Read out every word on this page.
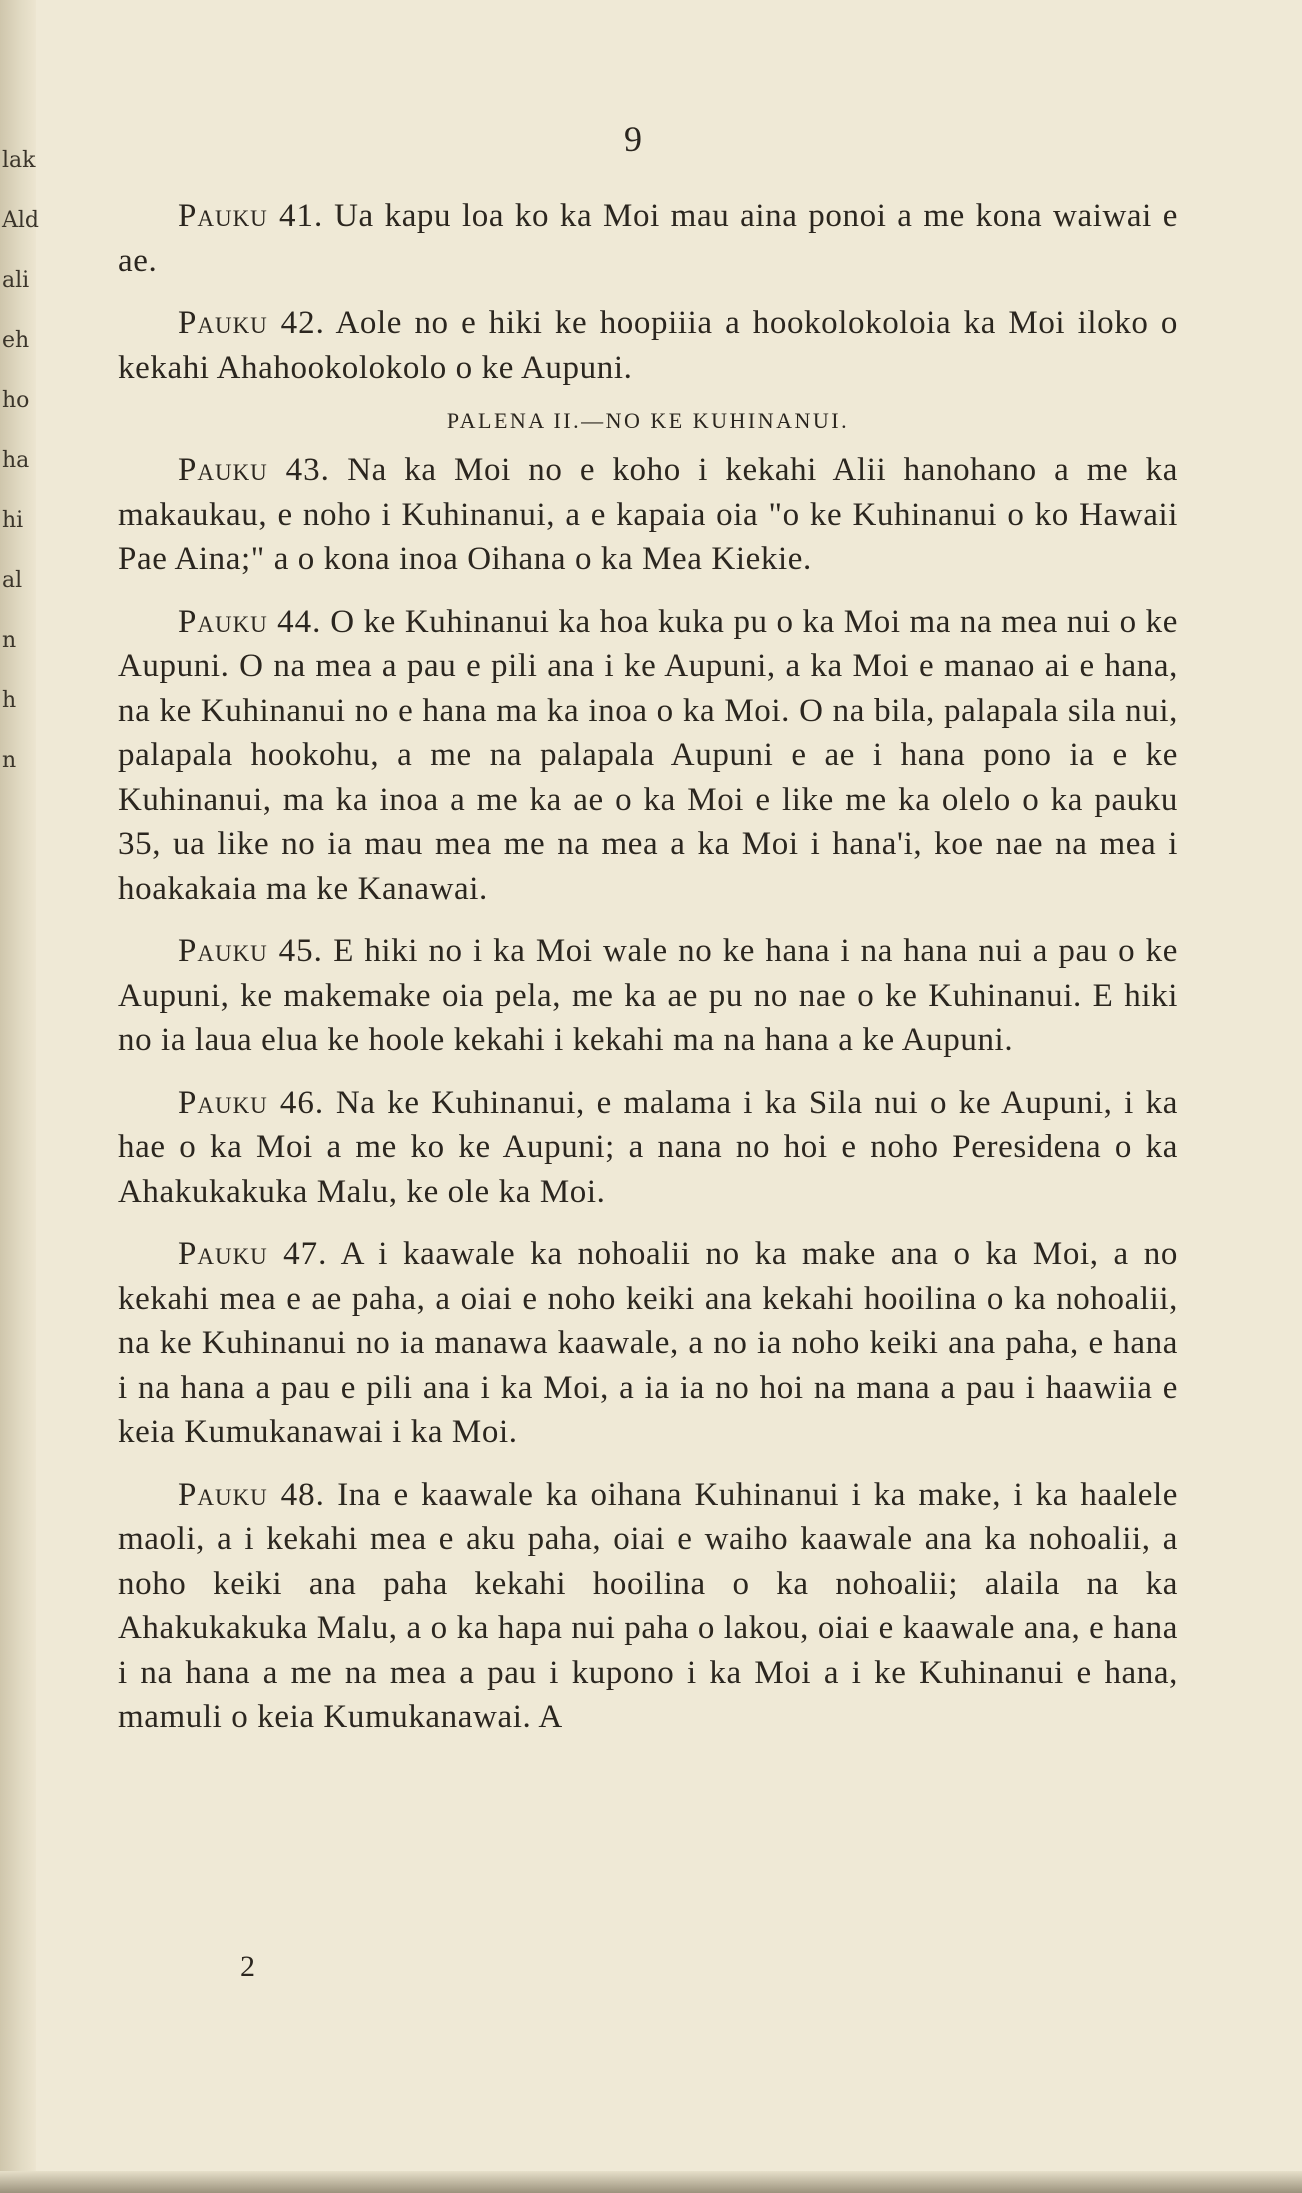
lak
Ald
ali
eh
ho
ha
hi
al
n
h
n
9
Pauku 41. Ua kapu loa ko ka Moi mau aina ponoi a me kona waiwai e ae.
Pauku 42. Aole no e hiki ke hoopiiia a hookolokoloia ka Moi iloko o kekahi Ahahookolokolo o ke Aupuni.
PALENA II.—NO KE KUHINANUI.
Pauku 43. Na ka Moi no e koho i kekahi Alii hanohano a me ka makaukau, e noho i Kuhinanui, a e kapaia oia "o ke Kuhinanui o ko Hawaii Pae Aina;" a o kona inoa Oihana o ka Mea Kiekie.
Pauku 44. O ke Kuhinanui ka hoa kuka pu o ka Moi ma na mea nui o ke Aupuni. O na mea a pau e pili ana i ke Aupuni, a ka Moi e manao ai e hana, na ke Kuhinanui no e hana ma ka inoa o ka Moi. O na bila, palapala sila nui, palapala hookohu, a me na palapala Aupuni e ae i hana pono ia e ke Kuhinanui, ma ka inoa a me ka ae o ka Moi e like me ka olelo o ka pauku 35, ua like no ia mau mea me na mea a ka Moi i hana'i, koe nae na mea i hoakakaia ma ke Kanawai.
Pauku 45. E hiki no i ka Moi wale no ke hana i na hana nui a pau o ke Aupuni, ke makemake oia pela, me ka ae pu no nae o ke Kuhinanui. E hiki no ia laua elua ke hoole kekahi i kekahi ma na hana a ke Aupuni.
Pauku 46. Na ke Kuhinanui, e malama i ka Sila nui o ke Aupuni, i ka hae o ka Moi a me ko ke Aupuni; a nana no hoi e noho Peresidena o ka Ahakukakuka Malu, ke ole ka Moi.
Pauku 47. A i kaawale ka nohoalii no ka make ana o ka Moi, a no kekahi mea e ae paha, a oiai e noho keiki ana kekahi hooilina o ka nohoalii, na ke Kuhinanui no ia manawa kaawale, a no ia noho keiki ana paha, e hana i na hana a pau e pili ana i ka Moi, a ia ia no hoi na mana a pau i haawiia e keia Kumukanawai i ka Moi.
Pauku 48. Ina e kaawale ka oihana Kuhinanui i ka make, i ka haalele maoli, a i kekahi mea e aku paha, oiai e waiho kaawale ana ka nohoalii, a noho keiki ana paha kekahi hooilina o ka nohoalii; alaila na ka Ahakukakuka Malu, a o ka hapa nui paha o lakou, oiai e kaawale ana, e hana i na hana a me na mea a pau i kupono i ka Moi a i ke Kuhinanui e hana, mamuli o keia Kumukanawai. A
2
